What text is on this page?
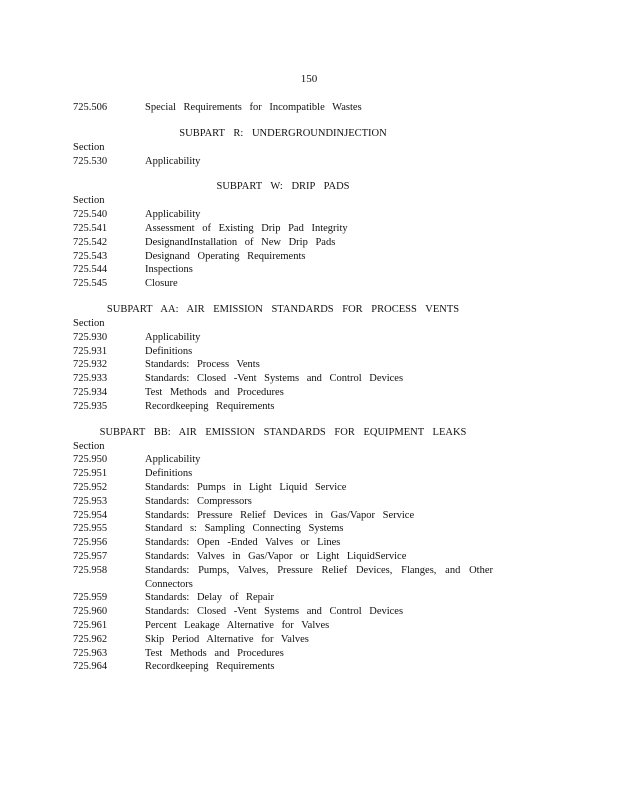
150
725.506	Special Requirements for Incompatible Wastes
SUBPART R: UNDERGROUNDINJECTION
Section
725.530	Applicability
SUBPART W: DRIP PADS
Section
725.540	Applicability
725.541	Assessment of Existing Drip Pad Integrity
725.542	DesignandInstallation of New Drip Pads
725.543	Designand Operating Requirements
725.544	Inspections
725.545	Closure
SUBPART AA: AIR EMISSION STANDARDS FOR PROCESS VENTS
Section
725.930	Applicability
725.931	Definitions
725.932	Standards: Process Vents
725.933	Standards: Closed -Vent Systems and Control Devices
725.934	Test Methods and Procedures
725.935	Recordkeeping Requirements
SUBPART BB: AIR EMISSION STANDARDS FOR EQUIPMENT LEAKS
Section
725.950	Applicability
725.951	Definitions
725.952	Standards: Pumps in Light Liquid Service
725.953	Standards: Compressors
725.954	Standards: Pressure Relief Devices in Gas/Vapor Service
725.955	Standard s: Sampling Connecting Systems
725.956	Standards: Open -Ended Valves or Lines
725.957	Standards: Valves in Gas/Vapor or Light LiquidService
725.958	Standards: Pumps, Valves, Pressure Relief Devices, Flanges, and Other
Connectors
725.959	Standards: Delay of Repair
725.960	Standards: Closed -Vent Systems and Control Devices
725.961	Percent Leakage Alternative for Valves
725.962	Skip Period Alternative for Valves
725.963	Test Methods and Procedures
725.964	Recordkeeping Requirements
